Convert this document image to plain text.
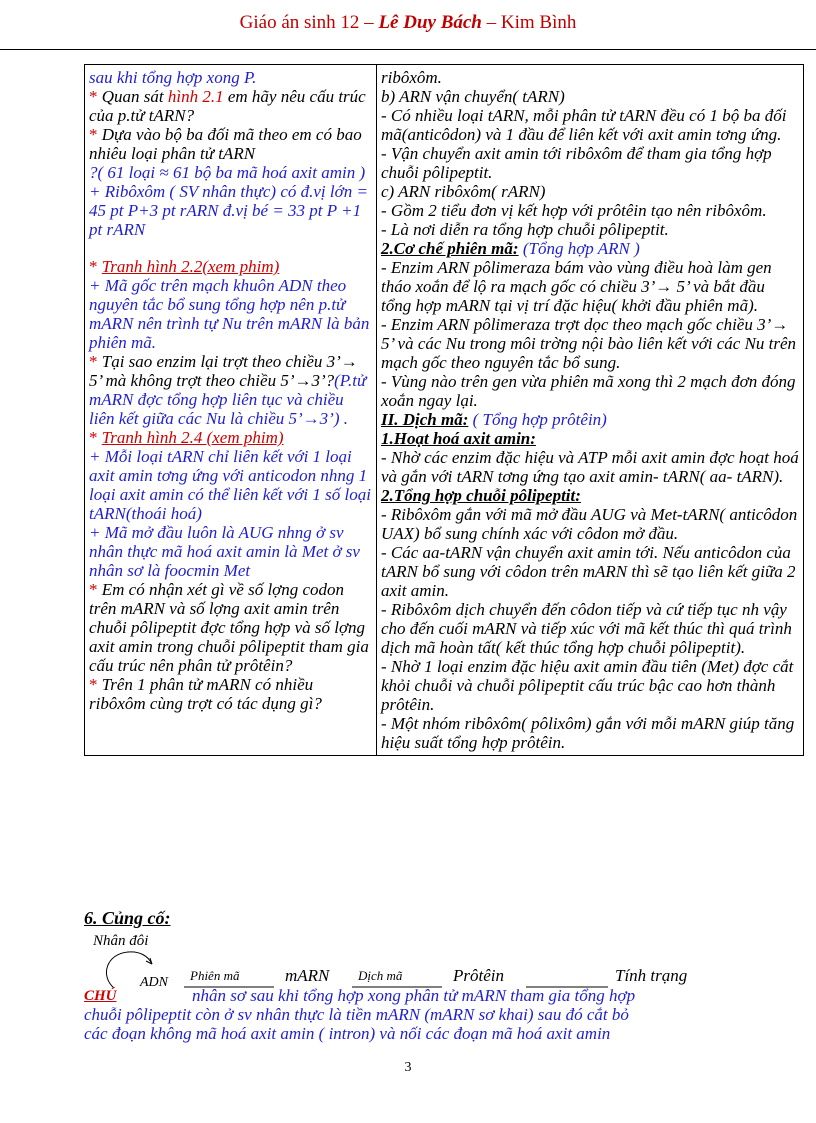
Giáo án sinh 12 – Lê Duy Bách – Kim Bình
sau khi tổng hợp xong P.
* Quan sát hình 2.1 em hãy nêu cấu trúc của p.tử tARN?
* Dựa vào bộ ba đối mã theo em có bao nhiêu loại phân tử tARN
?( 61 loại ≈ 61 bộ ba mã hoá axit amin )
+ Ribôxôm ( SV nhân thực) có đ.vị lớn = 45 pt P+3 pt rARN đ.vị bé = 33 pt P +1 pt rARN
* Tranh hình 2.2(xem phim)
+ Mã gốc trên mạch khuôn ADN theo nguyên tắc bổ sung tổng hợp nên p.tử mARN nên trình tự Nu trên mARN là bản phiên mã.
* Tại sao enzim lại trợt theo chiều 3’→ 5’ mà không trợt theo chiều 5’→3’?(P.tử mARN đợc tổng hợp liên tục và chiều liên kết giữa các Nu là chiều 5’→3’) .
* Tranh hình 2.4 (xem phim)
+ Mỗi loại tARN chỉ liên kết với 1 loại axit amin tơng ứng với anticodon nhng 1 loại axit amin có thể liên kết với 1 số loại tARN(thoái hoá)
+ Mã mở đầu luôn là AUG nhng ở sv nhân thực mã hoá axit amin là Met ở sv nhân sơ là foocmin Met
* Em có nhận xét gì về số lợng codon trên mARN và số lợng axit amin trên chuỗi pôlipeptit đợc tổng hợp và số lợng axit amin trong chuỗi pôlipeptit tham gia cấu trúc nên phân tử prôtêin?
* Trên 1 phân tử mARN có nhiều ribôxôm cùng trợt có tác dụng gì?

ribôxôm.
b) ARN vận chuyển( tARN)
- Có nhiều loại tARN, mỗi phân tử tARN đều có 1 bộ ba đối mã(anticôdon) và 1 đầu để liên kết với axit amin tơng ứng.
- Vận chuyển axit amin tới ribôxôm để tham gia tổng hợp chuỗi pôlipeptit.
c) ARN ribôxôm( rARN)
- Gồm 2 tiểu đơn vị kết hợp với prôtêin tạo nên ribôxôm.
- Là nơi diễn ra tổng hợp chuỗi pôlipeptit.
2.Cơ chế phiên mã: (Tổng hợp ARN )
- Enzim ARN pôlimeraza bám vào vùng điều hoà làm gen tháo xoắn để lộ ra mạch gốc có chiều 3’→ 5’ và bắt đầu tổng hợp mARN tại vị trí đặc hiệu( khởi đầu phiên mã).
- Enzim ARN pôlimeraza trợt dọc theo mạch gốc chiều 3’→ 5’ và các Nu trong môi trờng nội bào liên kết với các Nu trên mạch gốc theo nguyên tắc bổ sung.
- Vùng nào trên gen vừa phiên mã xong thì 2 mạch đơn đóng xoắn ngay lại.
II. Dịch mã: ( Tổng hợp prôtêin)
1.Hoạt hoá axit amin:
- Nhờ các enzim đặc hiệu và ATP mỗi axit amin đợc hoạt hoá và gắn với tARN tơng ứng tạo axit amin- tARN( aa- tARN).
2.Tổng hợp chuỗi pôlipeptit:
- Ribôxôm gắn với mã mở đầu AUG và Met-tARN( anticôdon UAX) bổ sung chính xác với côdon mở đầu.
- Các aa-tARN vận chuyển axit amin tới. Nếu anticôdon của tARN bổ sung với côdon trên mARN thì sẽ tạo liên kết giữa 2 axit amin.
- Ribôxôm dịch chuyển đến côdon tiếp và cứ tiếp tục nh vậy cho đến cuối mARN và tiếp xúc với mã kết thúc thì quá trình dịch mã hoàn tất( kết thúc tổng hợp chuỗi pôlipeptit).
- Nhờ 1 loại enzim đặc hiệu axit amin đầu tiên (Met) đợc cắt khỏi chuỗi và chuỗi pôlipeptit cấu trúc bậc cao hơn thành prôtêin.
- Một nhóm ribôxôm( pôlixôm) gắn với mỗi mARN giúp tăng hiệu suất tổng hợp prôtêin.
6. Củng cố:
Nhân đôi
ADN Phiên mã	mARN Dịch mã	Prôtêin	Tính trạng
CHÚ	nhân sơ sau khi tổng hợp xong phân tử mARN tham gia tổng hợp
chuỗi pôlipeptit còn ở sv nhân thực là tiền mARN (mARN sơ khai) sau đó cắt bỏ
các đoạn không mã hoá axit amin ( intron) và nối các đoạn mã hoá axit amin
3
